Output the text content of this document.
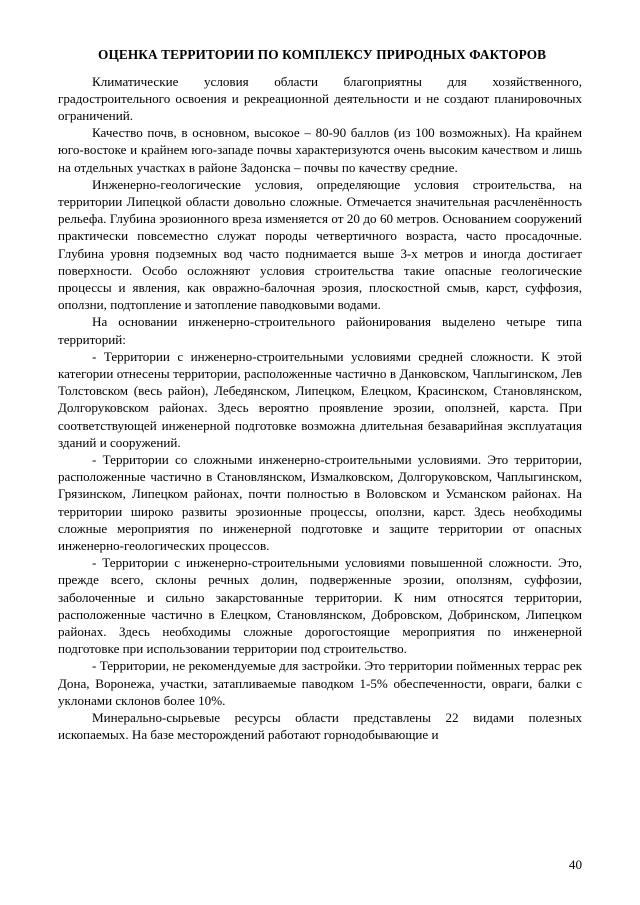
ОЦЕНКА ТЕРРИТОРИИ ПО КОМПЛЕКСУ ПРИРОДНЫХ ФАКТОРОВ

Климатические условия области благоприятны для хозяйственного, градостроительного освоения и рекреационной деятельности и не создают планировочных ограничений.

Качество почв, в основном, высокое – 80-90 баллов (из 100 возможных). На крайнем юго-востоке и крайнем юго-западе почвы характеризуются очень высоким качеством и лишь на отдельных участках в районе Задонска – почвы по качеству средние.

Инженерно-геологические условия, определяющие условия строительства, на территории Липецкой области довольно сложные. Отмечается значительная расчленённость рельефа. Глубина эрозионного вреза изменяется от 20 до 60 метров. Основанием сооружений практически повсеместно служат породы четвертичного возраста, часто просадочные. Глубина уровня подземных вод часто поднимается выше 3-х метров и иногда достигает поверхности. Особо осложняют условия строительства такие опасные геологические процессы и явления, как овражно-балочная эрозия, плоскостной смыв, карст, суффозия, оползни, подтопление и затопление паводковыми водами.

На основании инженерно-строительного районирования выделено четыре типа территорий:

- Территории с инженерно-строительными условиями средней сложности. К этой категории отнесены территории, расположенные частично в Данковском, Чаплыгинском, Лев Толстовском (весь район), Лебедянском, Липецком, Елецком, Красинском, Становлянском, Долгоруковском районах. Здесь вероятно проявление эрозии, оползней, карста. При соответствующей инженерной подготовке возможна длительная безаварийная эксплуатация зданий и сооружений.

- Территории со сложными инженерно-строительными условиями. Это территории, расположенные частично в Становлянском, Измалковском, Долгоруковском, Чаплыгинском, Грязинском, Липецком районах, почти полностью в Воловском и Усманском районах. На территории широко развиты эрозионные процессы, оползни, карст. Здесь необходимы сложные мероприятия по инженерной подготовке и защите территории от опасных инженерно-геологических процессов.

- Территории с инженерно-строительными условиями повышенной сложности. Это, прежде всего, склоны речных долин, подверженные эрозии, оползням, суффозии, заболоченные и сильно закарстованные территории. К ним относятся территории, расположенные частично в Елецком, Становлянском, Добровском, Добринском, Липецком районах. Здесь необходимы сложные дорогостоящие мероприятия по инженерной подготовке при использовании территории под строительство.

- Территории, не рекомендуемые для застройки. Это территории пойменных террас рек Дона, Воронежа, участки, затапливаемые паводком 1-5% обеспеченности, овраги, балки с уклонами склонов более 10%.

Минерально-сырьевые ресурсы области представлены 22 видами полезных ископаемых. На базе месторождений работают горнодобывающие и

40
